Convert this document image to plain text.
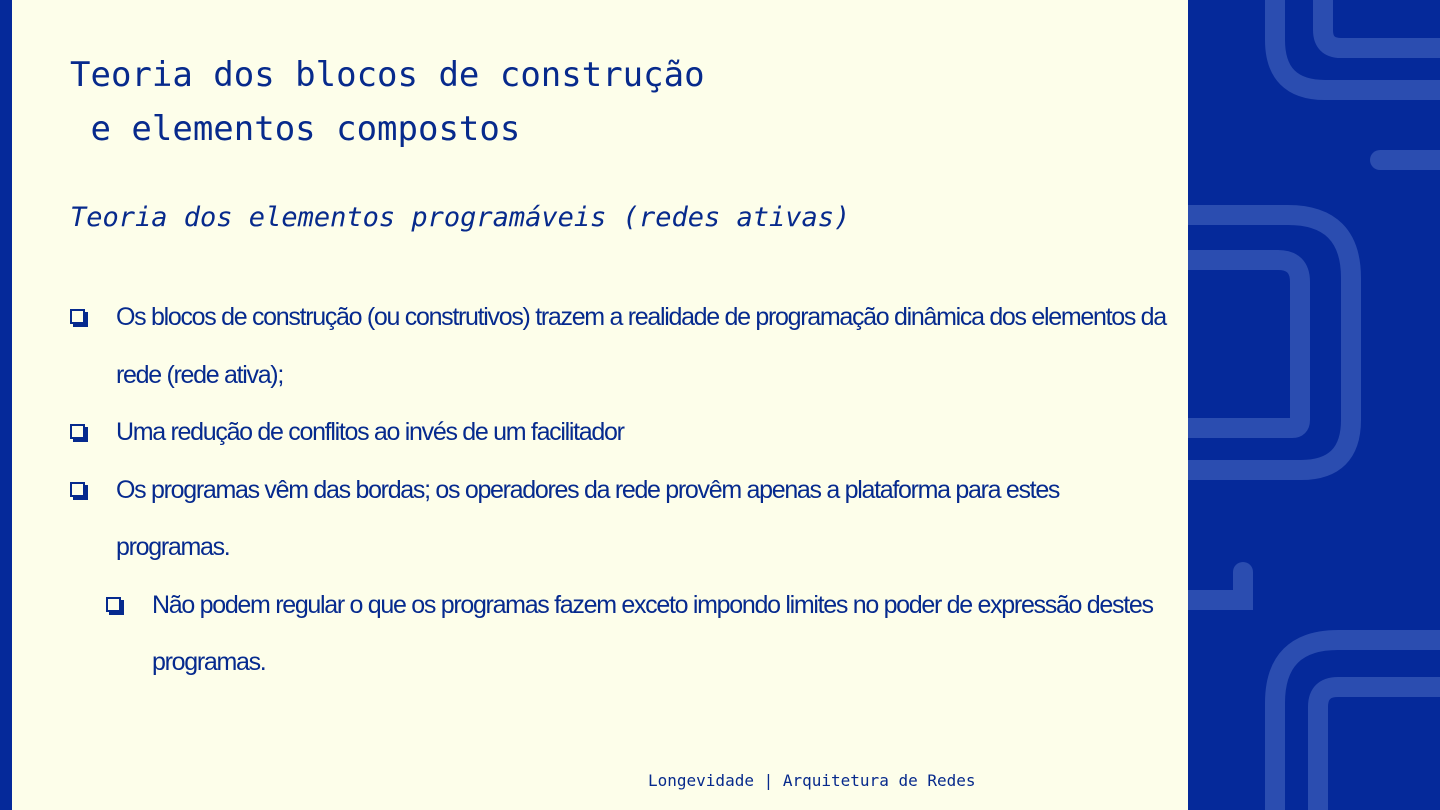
Teoria dos blocos de construção
e elementos compostos
Teoria dos elementos programáveis (redes ativas)
Os blocos de construção (ou construtivos) trazem a realidade de programação dinâmica dos elementos da rede (rede ativa);
Uma redução de conflitos ao invés de um facilitador
Os programas vêm das bordas; os operadores da rede provêm apenas a plataforma para estes programas.
Não podem regular o que os programas fazem exceto impondo limites no poder de expressão destes programas.
Longevidade | Arquitetura de Redes
